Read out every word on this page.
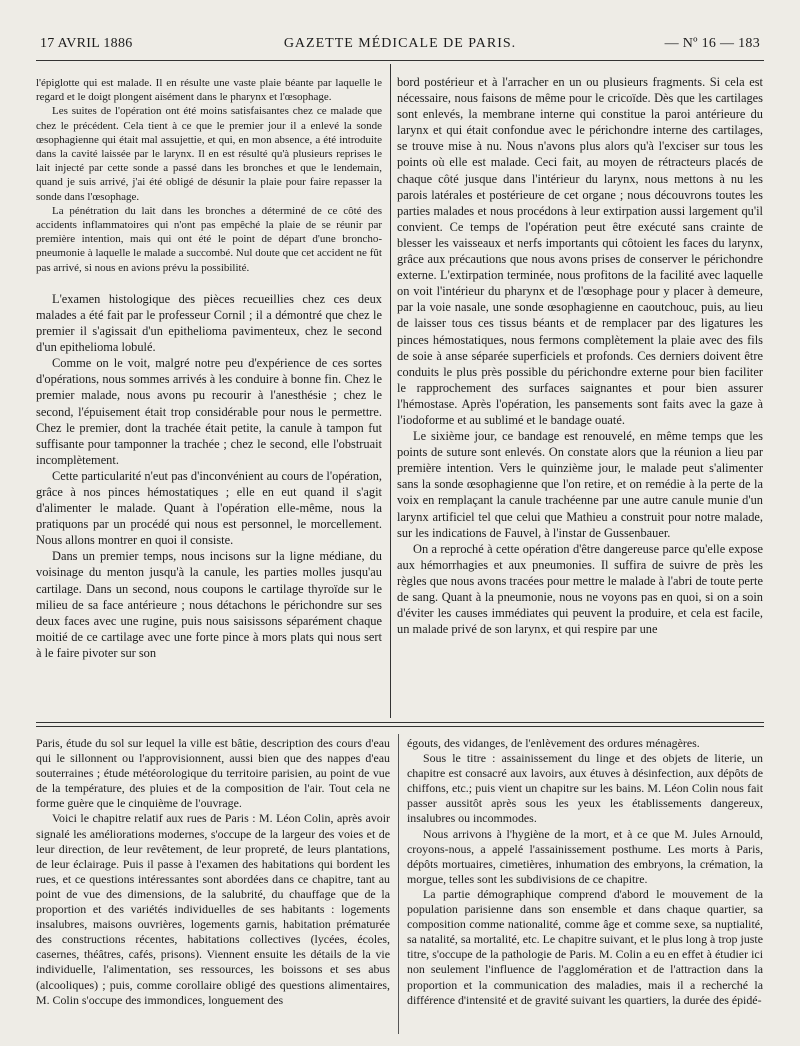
17 AVRIL 1886	GAZETTE MÉDICALE DE PARIS.	— Nº 16 — 183

l'épiglotte qui est malade. Il en résulte une vaste plaie béante par laquelle le regard et le doigt plongent aisément dans le pharynx et l'œsophage.

Les suites de l'opération ont été moins satisfaisantes chez ce malade que chez le précédent. Cela tient à ce que le premier jour il a enlevé la sonde œsophagienne qui était mal assujettie, et qui, en mon absence, a été introduite dans la cavité laissée par le larynx. Il en est résulté qu'à plusieurs reprises le lait injecté par cette sonde a passé dans les bronches et que le lendemain, quand je suis arrivé, j'ai été obligé de désunir la plaie pour faire repasser la sonde dans l'œsophage.

La pénétration du lait dans les bronches a déterminé de ce côté des accidents inflammatoires qui n'ont pas empêché la plaie de se réunir par première intention, mais qui ont été le point de départ d'une broncho-pneumonie à laquelle le malade a succombé. Nul doute que cet accident ne fût pas arrivé, si nous en avions prévu la possibilité.

L'examen histologique des pièces recueillies chez ces deux malades a été fait par le professeur Cornil ; il a démontré que chez le premier il s'agissait d'un epithelioma pavimenteux, chez le second d'un epithelioma lobulé.

Comme on le voit, malgré notre peu d'expérience de ces sortes d'opérations, nous sommes arrivés à les conduire à bonne fin. Chez le premier malade, nous avons pu recourir à l'anesthésie ; chez le second, l'épuisement était trop considérable pour nous le permettre. Chez le premier, dont la trachée était petite, la canule à tampon fut suffisante pour tamponner la trachée ; chez le second, elle l'obstruait incomplètement.

Cette particularité n'eut pas d'inconvénient au cours de l'opération, grâce à nos pinces hémostatiques ; elle en eut quand il s'agit d'alimenter le malade. Quant à l'opération elle-même, nous la pratiquons par un procédé qui nous est personnel, le morcellement. Nous allons montrer en quoi il consiste.

Dans un premier temps, nous incisons sur la ligne médiane, du voisinage du menton jusqu'à la canule, les parties molles jusqu'au cartilage. Dans un second, nous coupons le cartilage thyroïde sur le milieu de sa face antérieure ; nous détachons le périchondre sur ses deux faces avec une rugine, puis nous saisissons séparément chaque moitié de ce cartilage avec une forte pince à mors plats qui nous sert à le faire pivoter sur son

bord postérieur et à l'arracher en un ou plusieurs fragments. Si cela est nécessaire, nous faisons de même pour le cricoïde. Dès que les cartilages sont enlevés, la membrane interne qui constitue la paroi antérieure du larynx et qui était confondue avec le périchondre interne des cartilages, se trouve mise à nu. Nous n'avons plus alors qu'à l'exciser sur tous les points où elle est malade. Ceci fait, au moyen de rétracteurs placés de chaque côté jusque dans l'intérieur du larynx, nous mettons à nu les parois latérales et postérieure de cet organe ; nous découvrons toutes les parties malades et nous procédons à leur extirpation aussi largement qu'il convient. Ce temps de l'opération peut être exécuté sans crainte de blesser les vaisseaux et nerfs importants qui côtoient les faces du larynx, grâce aux précautions que nous avons prises de conserver le périchondre externe. L'extirpation terminée, nous profitons de la facilité avec laquelle on voit l'intérieur du pharynx et de l'œsophage pour y placer à demeure, par la voie nasale, une sonde œsophagienne en caoutchouc, puis, au lieu de laisser tous ces tissus béants et de remplacer par des ligatures les pinces hémostatiques, nous fermons complètement la plaie avec des fils de soie à anse séparée superficiels et profonds. Ces derniers doivent être conduits le plus près possible du périchondre externe pour bien faciliter le rapprochement des surfaces saignantes et pour bien assurer l'hémostase. Après l'opération, les pansements sont faits avec la gaze à l'iodoforme et au sublimé et le bandage ouaté.

Le sixième jour, ce bandage est renouvelé, en même temps que les points de suture sont enlevés. On constate alors que la réunion a lieu par première intention. Vers le quinzième jour, le malade peut s'alimenter sans la sonde œsophagienne que l'on retire, et on remédie à la perte de la voix en remplaçant la canule trachéenne par une autre canule munie d'un larynx artificiel tel que celui que Mathieu a construit pour notre malade, sur les indications de Fauvel, à l'instar de Gussenbauer.

On a reproché à cette opération d'être dangereuse parce qu'elle expose aux hémorrhagies et aux pneumonies. Il suffira de suivre de près les règles que nous avons tracées pour mettre le malade à l'abri de toute perte de sang. Quant à la pneumonie, nous ne voyons pas en quoi, si on a soin d'éviter les causes immédiates qui peuvent la produire, et cela est facile, un malade privé de son larynx, et qui respire par une

Paris, étude du sol sur lequel la ville est bâtie, description des cours d'eau qui le sillonnent ou l'approvisionnent, aussi bien que des nappes d'eau souterraines ; étude météorologique du territoire parisien, au point de vue de la température, des pluies et de la composition de l'air. Tout cela ne forme guère que le cinquième de l'ouvrage.

Voici le chapitre relatif aux rues de Paris : M. Léon Colin, après avoir signalé les améliorations modernes, s'occupe de la largeur des voies et de leur direction, de leur revêtement, de leur propreté, de leurs plantations, de leur éclairage. Puis il passe à l'examen des habitations qui bordent les rues, et ce questions intéressantes sont abordées dans ce chapitre, tant au point de vue des dimensions, de la salubrité, du chauffage que de la proportion et des variétés individuelles de ses habitants : logements insalubres, maisons ouvrières, logements garnis, habitation prématurée des constructions récentes, habitations collectives (lycées, écoles, casernes, théâtres, cafés, prisons). Viennent ensuite les détails de la vie individuelle, l'alimentation, ses ressources, les boissons et ses abus (alcooliques) ; puis, comme corollaire obligé des questions alimentaires, M. Colin s'occupe des immondices, longuement des

égouts, des vidanges, de l'enlèvement des ordures ménagères.

Sous le titre : assainissement du linge et des objets de literie, un chapitre est consacré aux lavoirs, aux étuves à désinfection, aux dépôts de chiffons, etc.; puis vient un chapitre sur les bains. M. Léon Colin nous fait passer aussitôt après sous les yeux les établissements dangereux, insalubres ou incommodes.

Nous arrivons à l'hygiène de la mort, et à ce que M. Jules Arnould, croyons-nous, a appelé l'assainissement posthume. Les morts à Paris, dépôts mortuaires, cimetières, inhumation des embryons, la crémation, la morgue, telles sont les subdivisions de ce chapitre.

La partie démographique comprend d'abord le mouvement de la population parisienne dans son ensemble et dans chaque quartier, sa composition comme nationalité, comme âge et comme sexe, sa nuptialité, sa natalité, sa mortalité, etc. Le chapitre suivant, et le plus long à trop juste titre, s'occupe de la pathologie de Paris. M. Colin a eu en effet à étudier ici non seulement l'influence de l'agglomération et de l'attraction dans la proportion et la communication des maladies, mais il a recherché la différence d'intensité et de gravité suivant les quartiers, la durée des épidé-
